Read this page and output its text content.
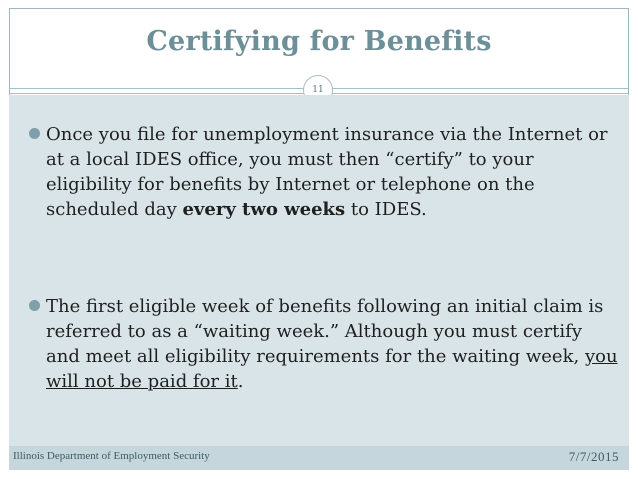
Certifying for Benefits
11
Once you file for unemployment insurance via the Internet or at a local IDES office, you must then “certify” to your eligibility for benefits by Internet or telephone on the scheduled day every two weeks to IDES.
The first eligible week of benefits following an initial claim is referred to as a “waiting week.” Although you must certify and meet all eligibility requirements for the waiting week, you will not be paid for it.
Illinois Department of Employment Security	7/7/2015
